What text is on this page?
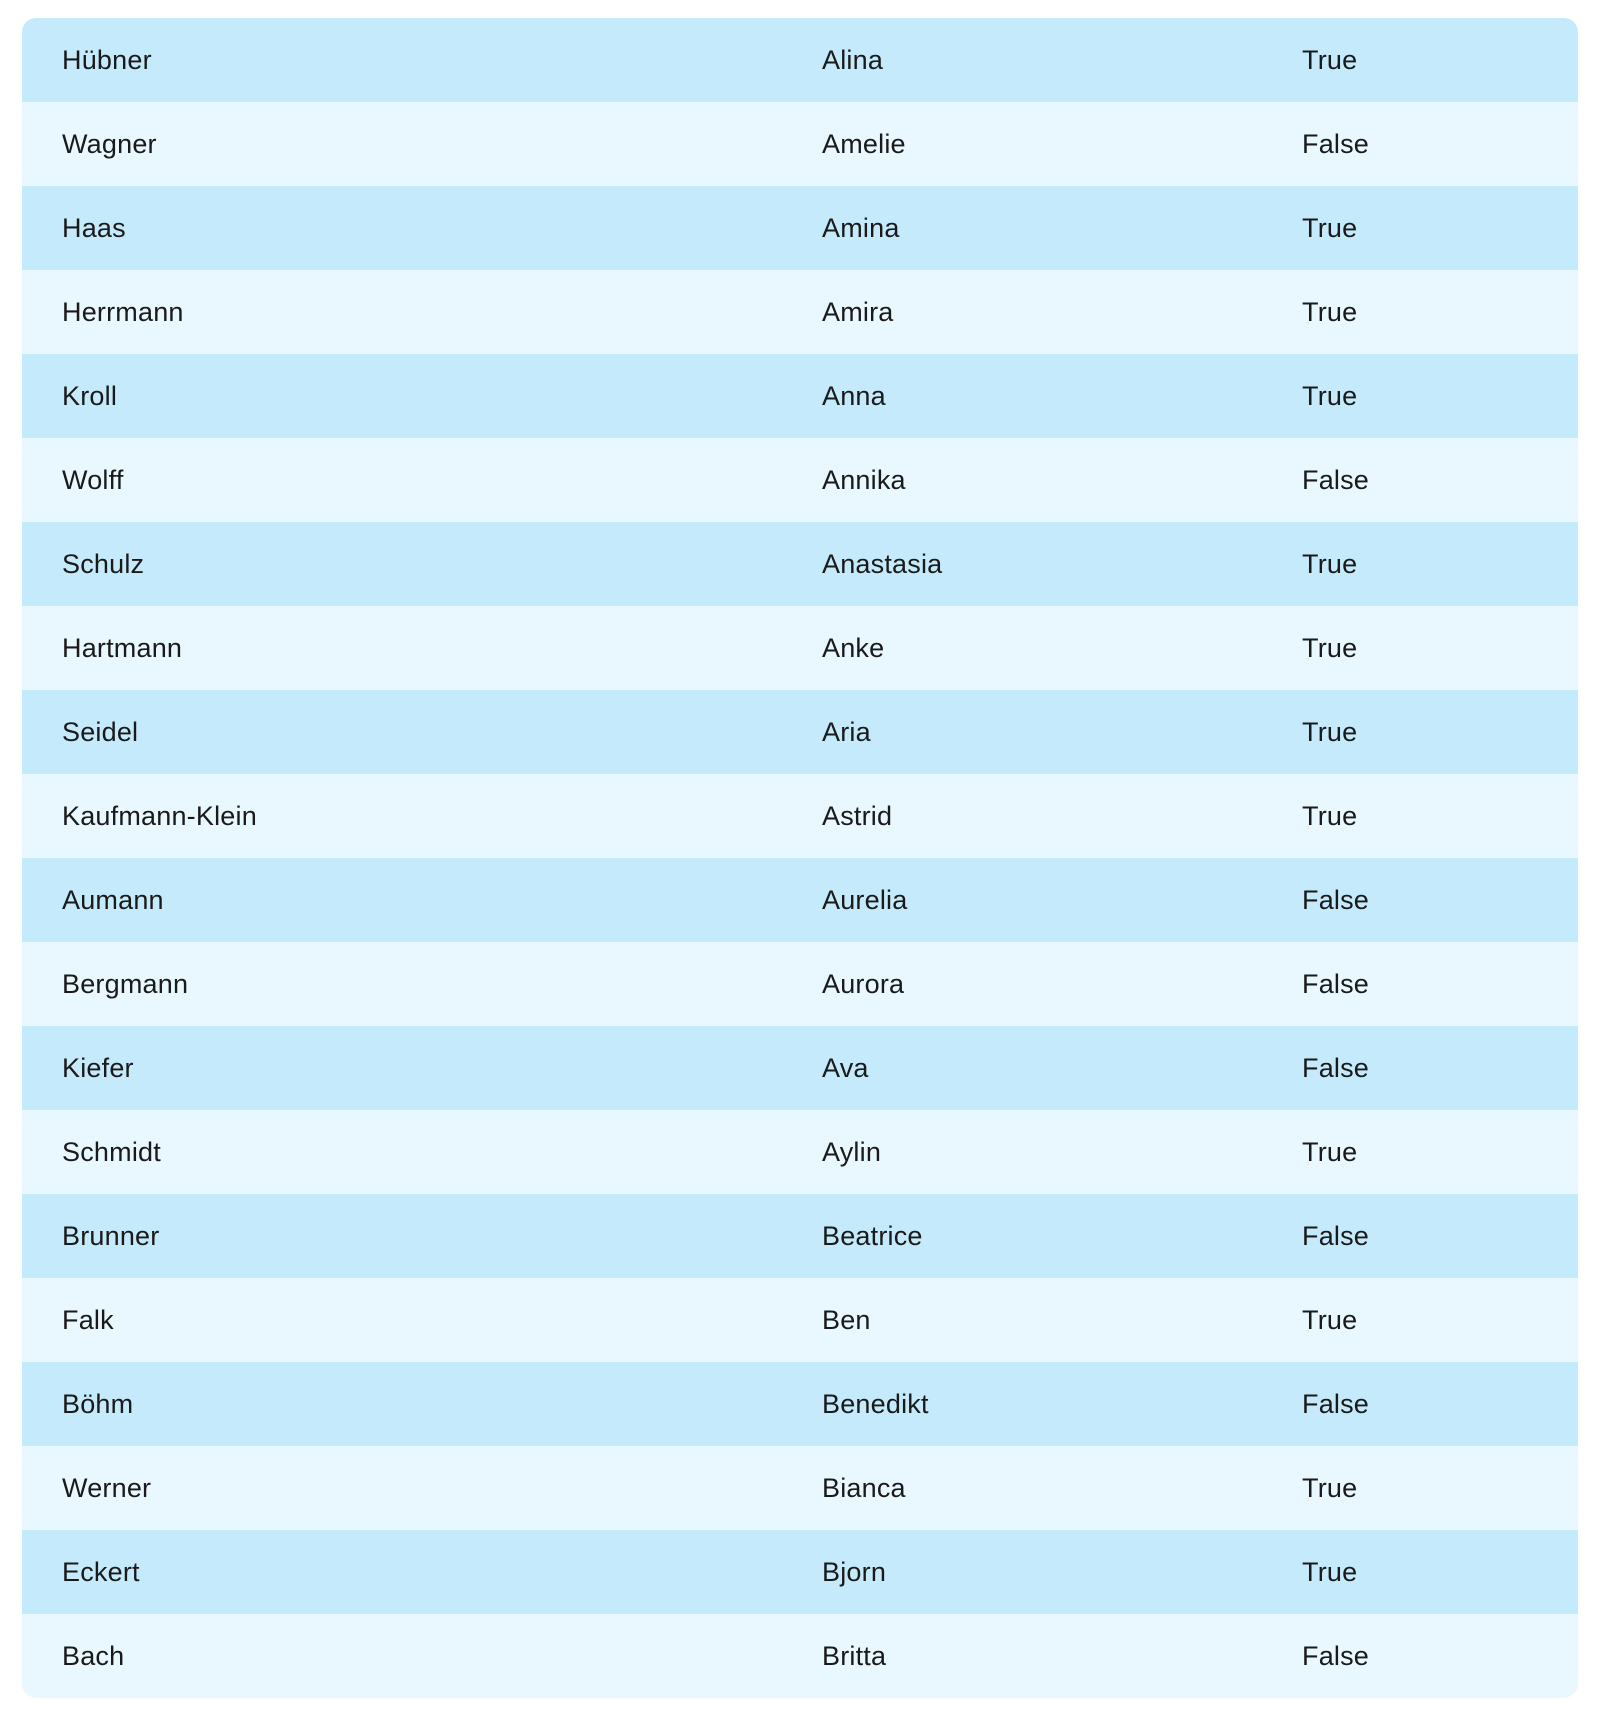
Hübner	Alina	True
Wagner	Amelie	False
Haas	Amina	True
Herrmann	Amira	True
Kroll	Anna	True
Wolff	Annika	False
Schulz	Anastasia	True
Hartmann	Anke	True
Seidel	Aria	True
Kaufmann-Klein	Astrid	True
Aumann	Aurelia	False
Bergmann	Aurora	False
Kiefer	Ava	False
Schmidt	Aylin	True
Brunner	Beatrice	False
Falk	Ben	True
Böhm	Benedikt	False
Werner	Bianca	True
Eckert	Bjorn	True
Bach	Britta	False
